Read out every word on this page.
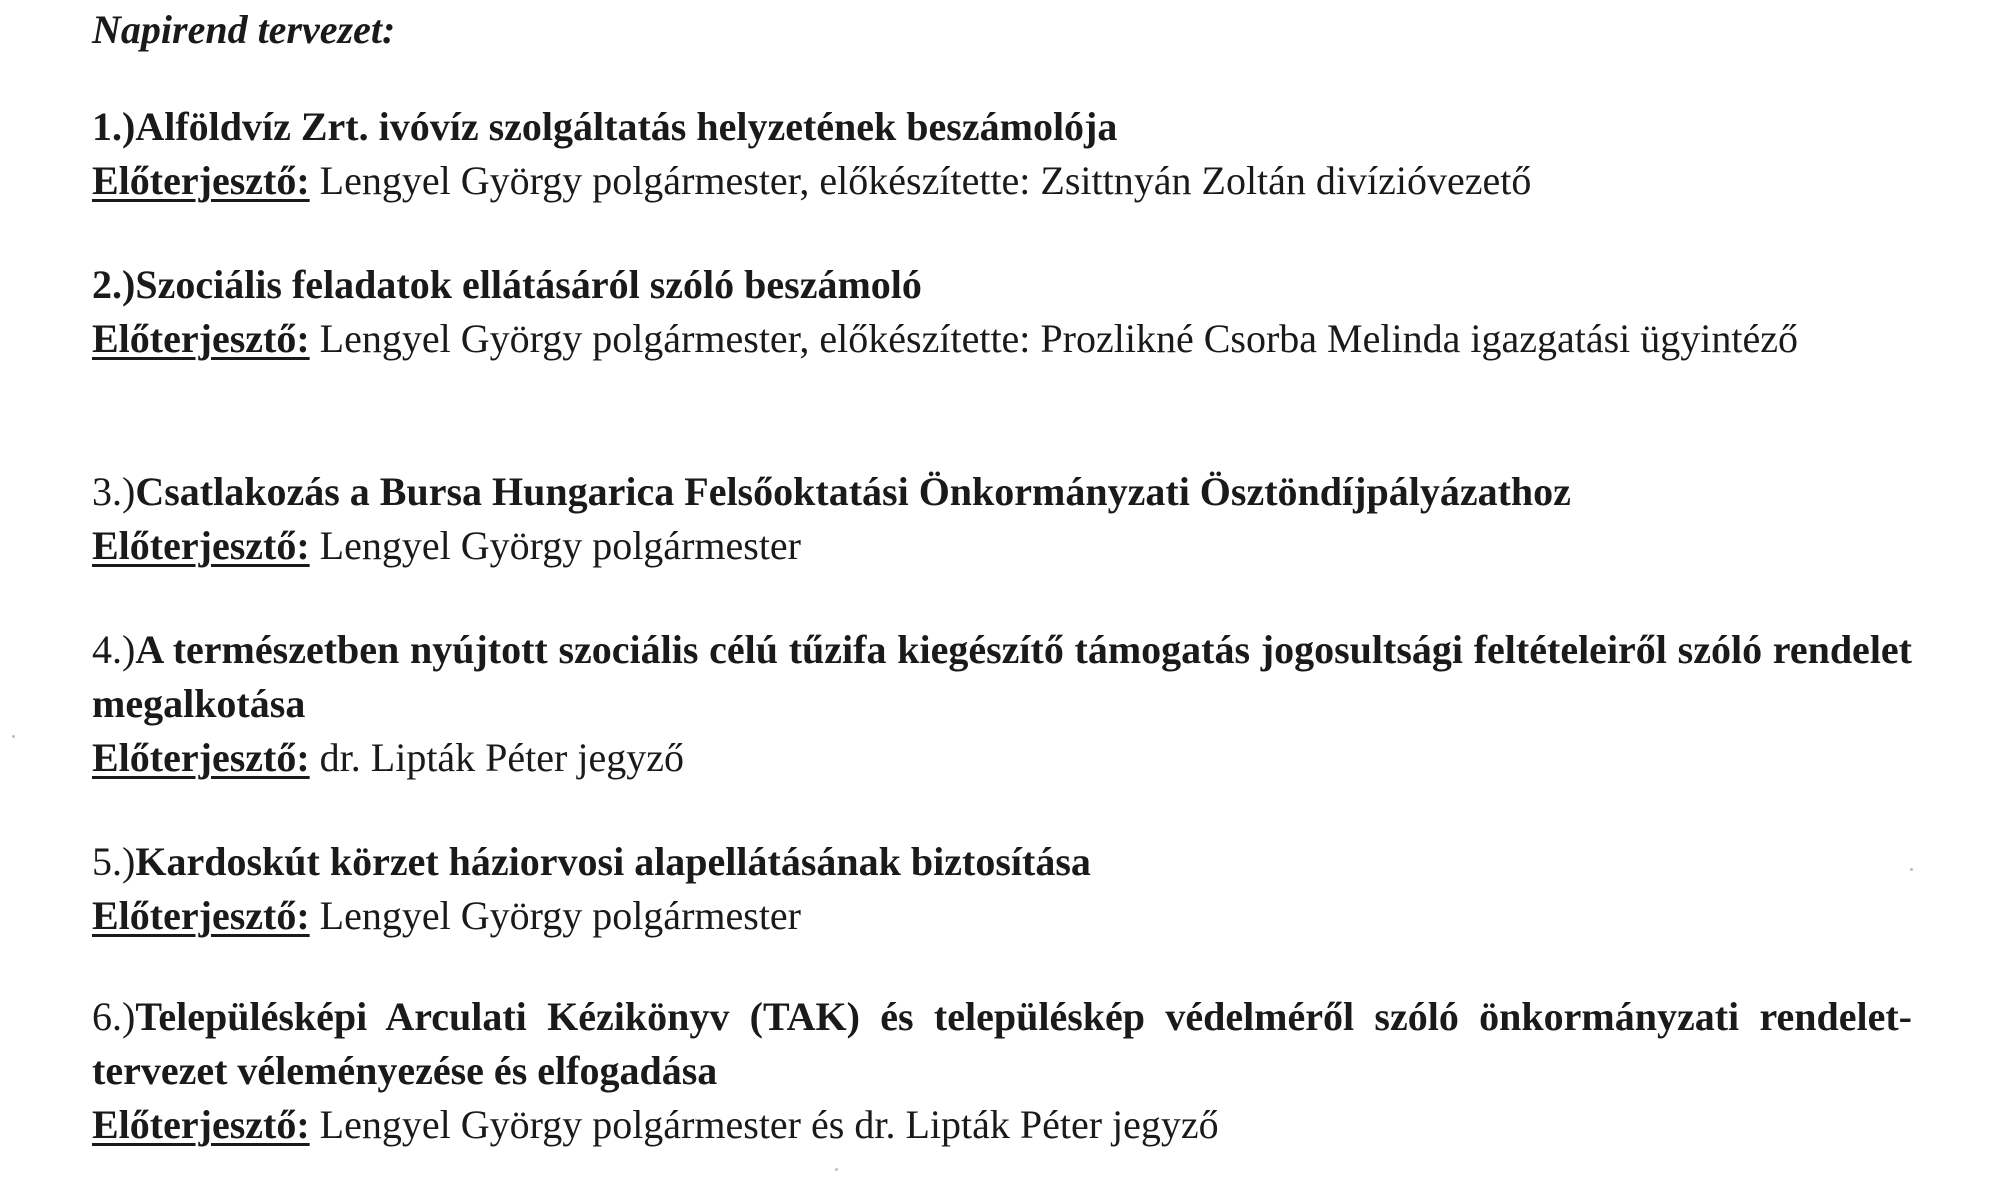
Napirend tervezet:
1.)Alföldvíz Zrt. ivóvíz szolgáltatás helyzetének beszámolója
Előterjesztő: Lengyel György polgármester, előkészítette: Zsittnyán Zoltán divízióvezető
2.)Szociális feladatok ellátásáról szóló beszámoló
Előterjesztő: Lengyel György polgármester, előkészítette: Prozlikné Csorba Melinda igazgatási ügyintéző
3.)Csatlakozás a Bursa Hungarica Felsőoktatási Önkormányzati Ösztöndíjpályázathoz
Előterjesztő: Lengyel György polgármester
4.)A természetben nyújtott szociális célú tűzifa kiegészítő támogatás jogosultsági feltételeiről szóló rendelet megalkotása
Előterjesztő: dr. Lipták Péter jegyző
5.)Kardoskút körzet háziorvosi alapellátásának biztosítása
Előterjesztő: Lengyel György polgármester
6.)Településképi Arculati Kézikönyv (TAK) és településkép védelméről szóló önkormányzati rendelet-tervezet véleményezése és elfogadása
Előterjesztő: Lengyel György polgármester és dr. Lipták Péter jegyző
